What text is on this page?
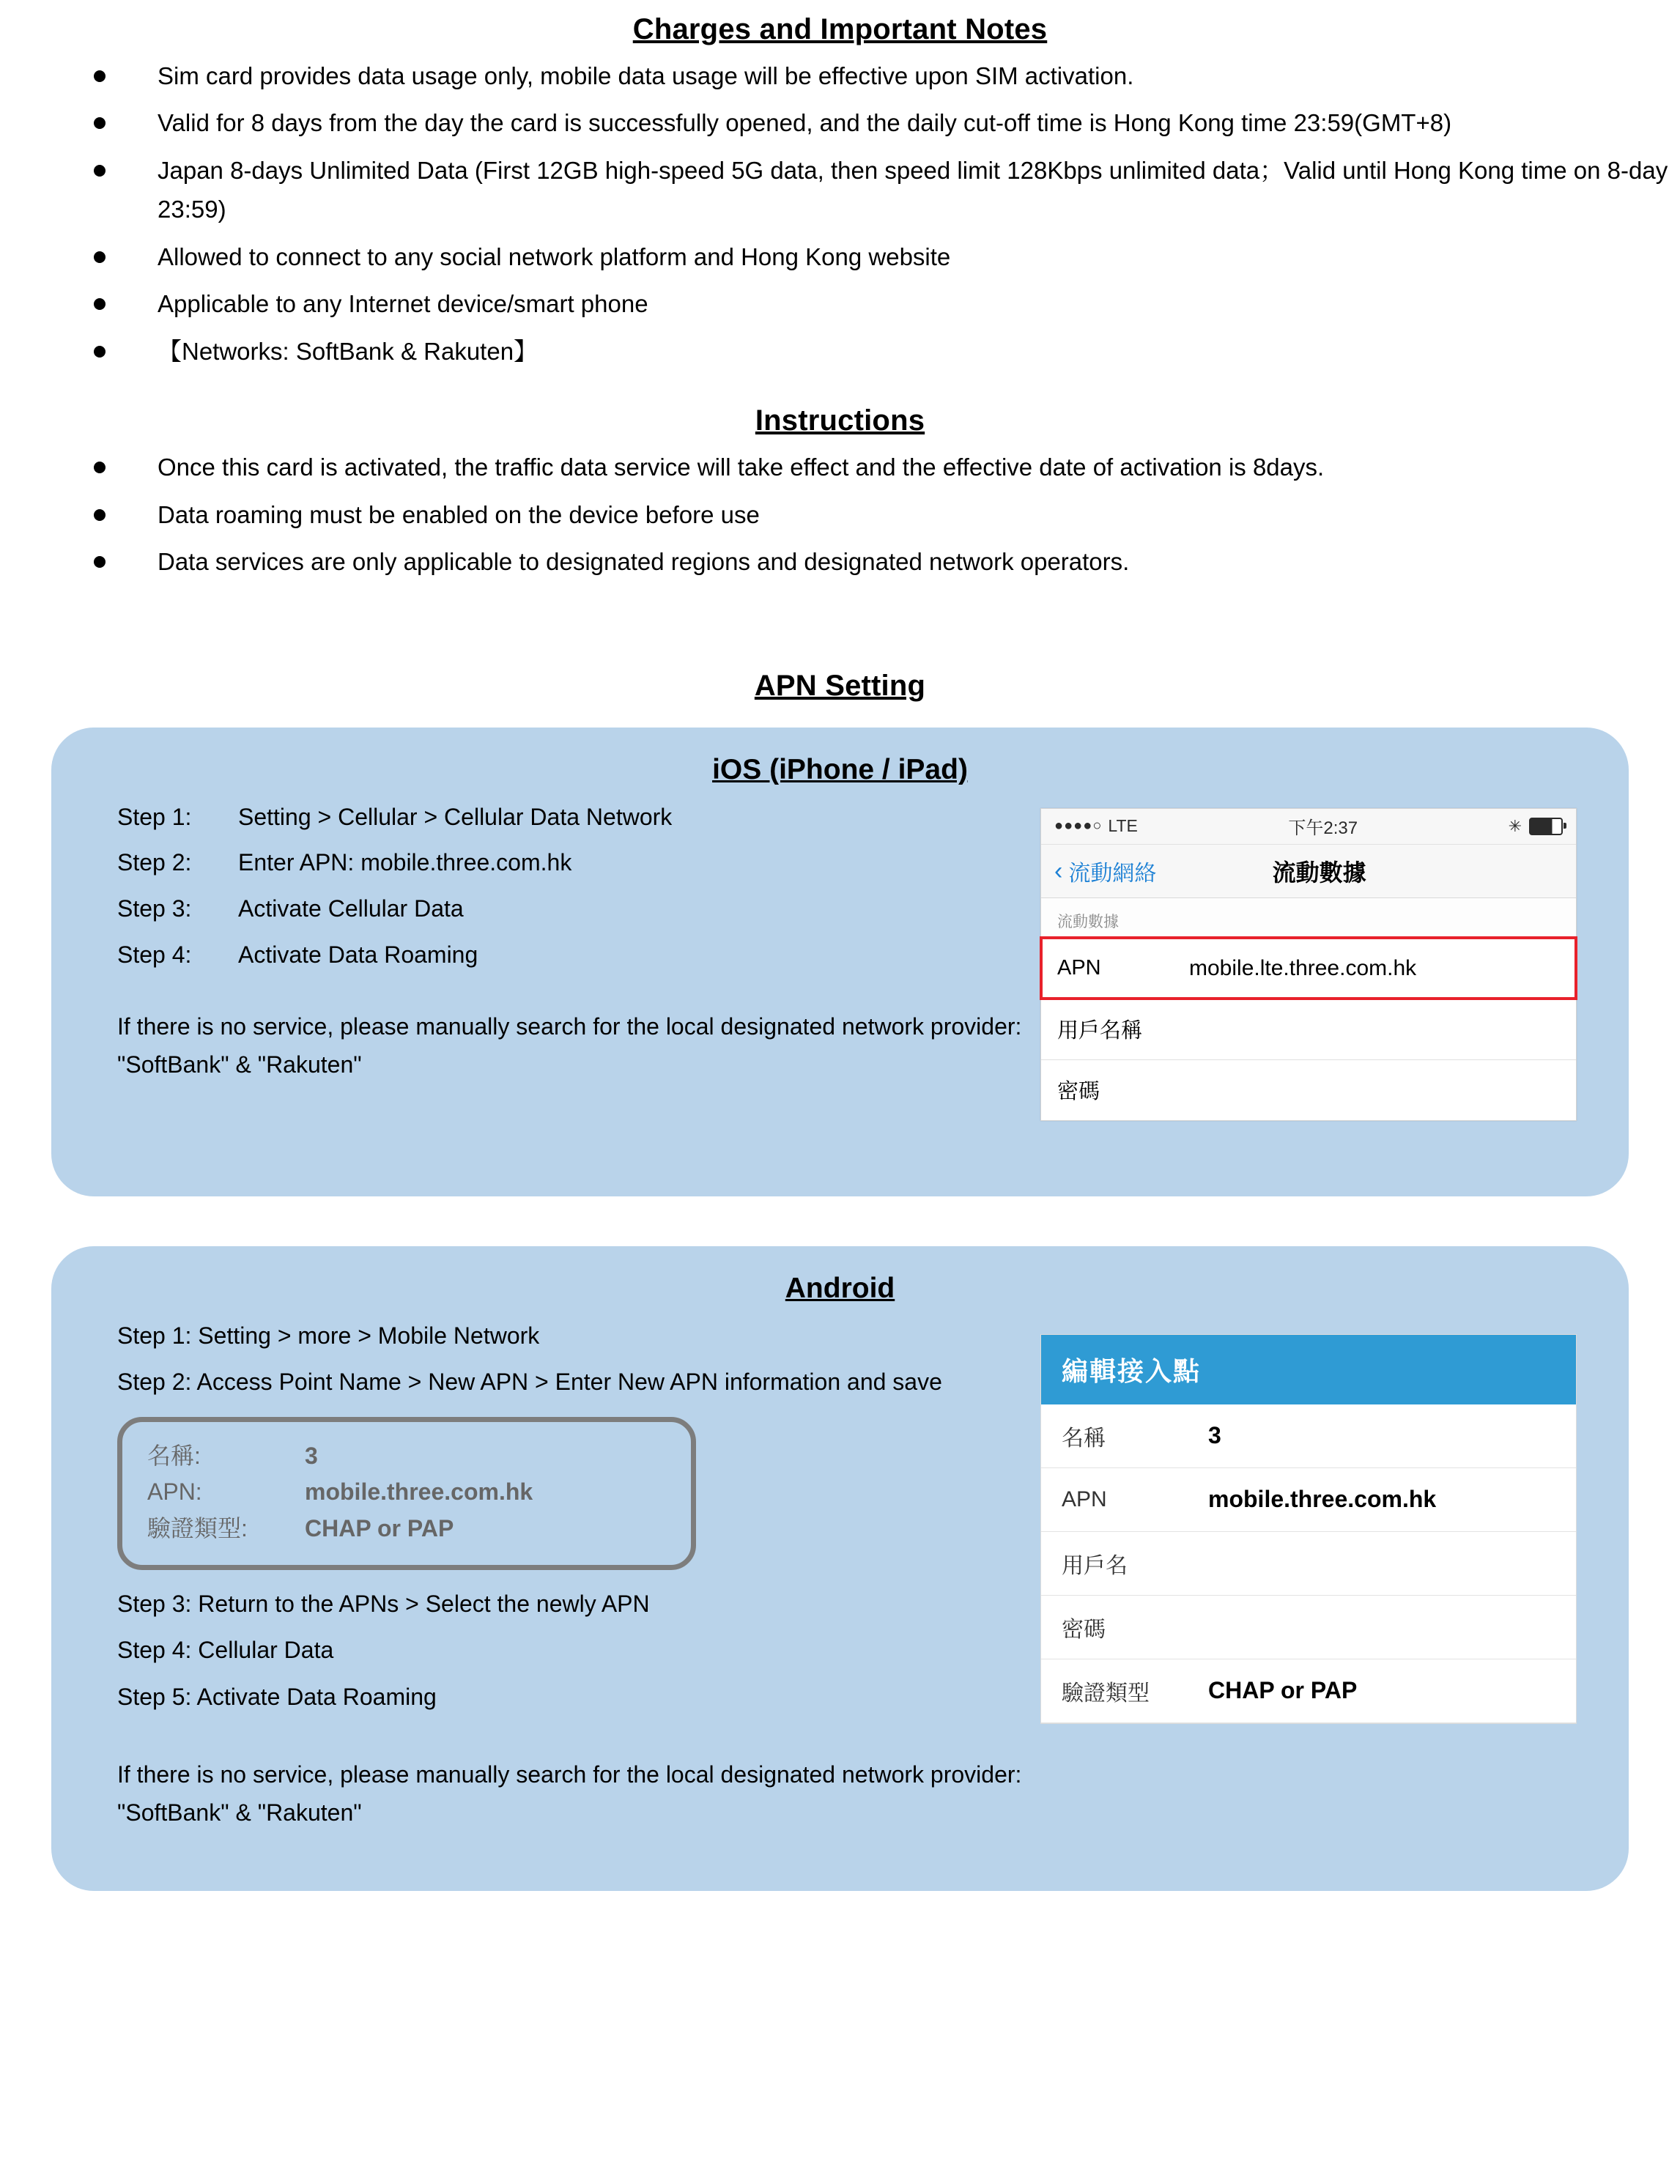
Charges and Important Notes
Sim card provides data usage only, mobile data usage will be effective upon SIM activation.
Valid for 8 days from the day the card is successfully opened, and the daily cut-off time is Hong Kong time 23:59(GMT+8)
Japan 8-days Unlimited Data (First 12GB high-speed 5G data, then speed limit 128Kbps unlimited data；Valid until Hong Kong time on 8-day 23:59)
Allowed to connect to any social network platform and Hong Kong website
Applicable to any Internet device/smart phone
【Networks: SoftBank & Rakuten】
Instructions
Once this card is activated, the traffic data service will take effect and the effective date of activation is 8days.
Data roaming must be enabled on the device before use
Data services are only applicable to designated regions and designated network operators.
APN Setting
iOS (iPhone / iPad)
Step 1:	Setting > Cellular > Cellular Data Network
Step 2:	Enter APN: mobile.three.com.hk
Step 3:	Activate Cellular Data
Step 4:	Activate Data Roaming
If there is no service, please manually search for the local designated network provider: "SoftBank" & "Rakuten"
●●●●○ LTE	下午2:37	✳
‹ 流動網絡	流動數據
流動數據
APN	mobile.lte.three.com.hk
用戶名稱
密碼
Android
Step 1: Setting > more > Mobile Network
Step 2: Access Point Name > New APN > Enter New APN information and save
名稱:	3
APN:	mobile.three.com.hk
驗證類型:	CHAP or PAP
Step 3: Return to the APNs > Select the newly APN
Step 4: Cellular Data
Step 5: Activate Data Roaming
If there is no service, please manually search for the local designated network provider: "SoftBank" & "Rakuten"
編輯接入點
名稱	3
APN	mobile.three.com.hk
用戶名
密碼
驗證類型	CHAP or PAP
